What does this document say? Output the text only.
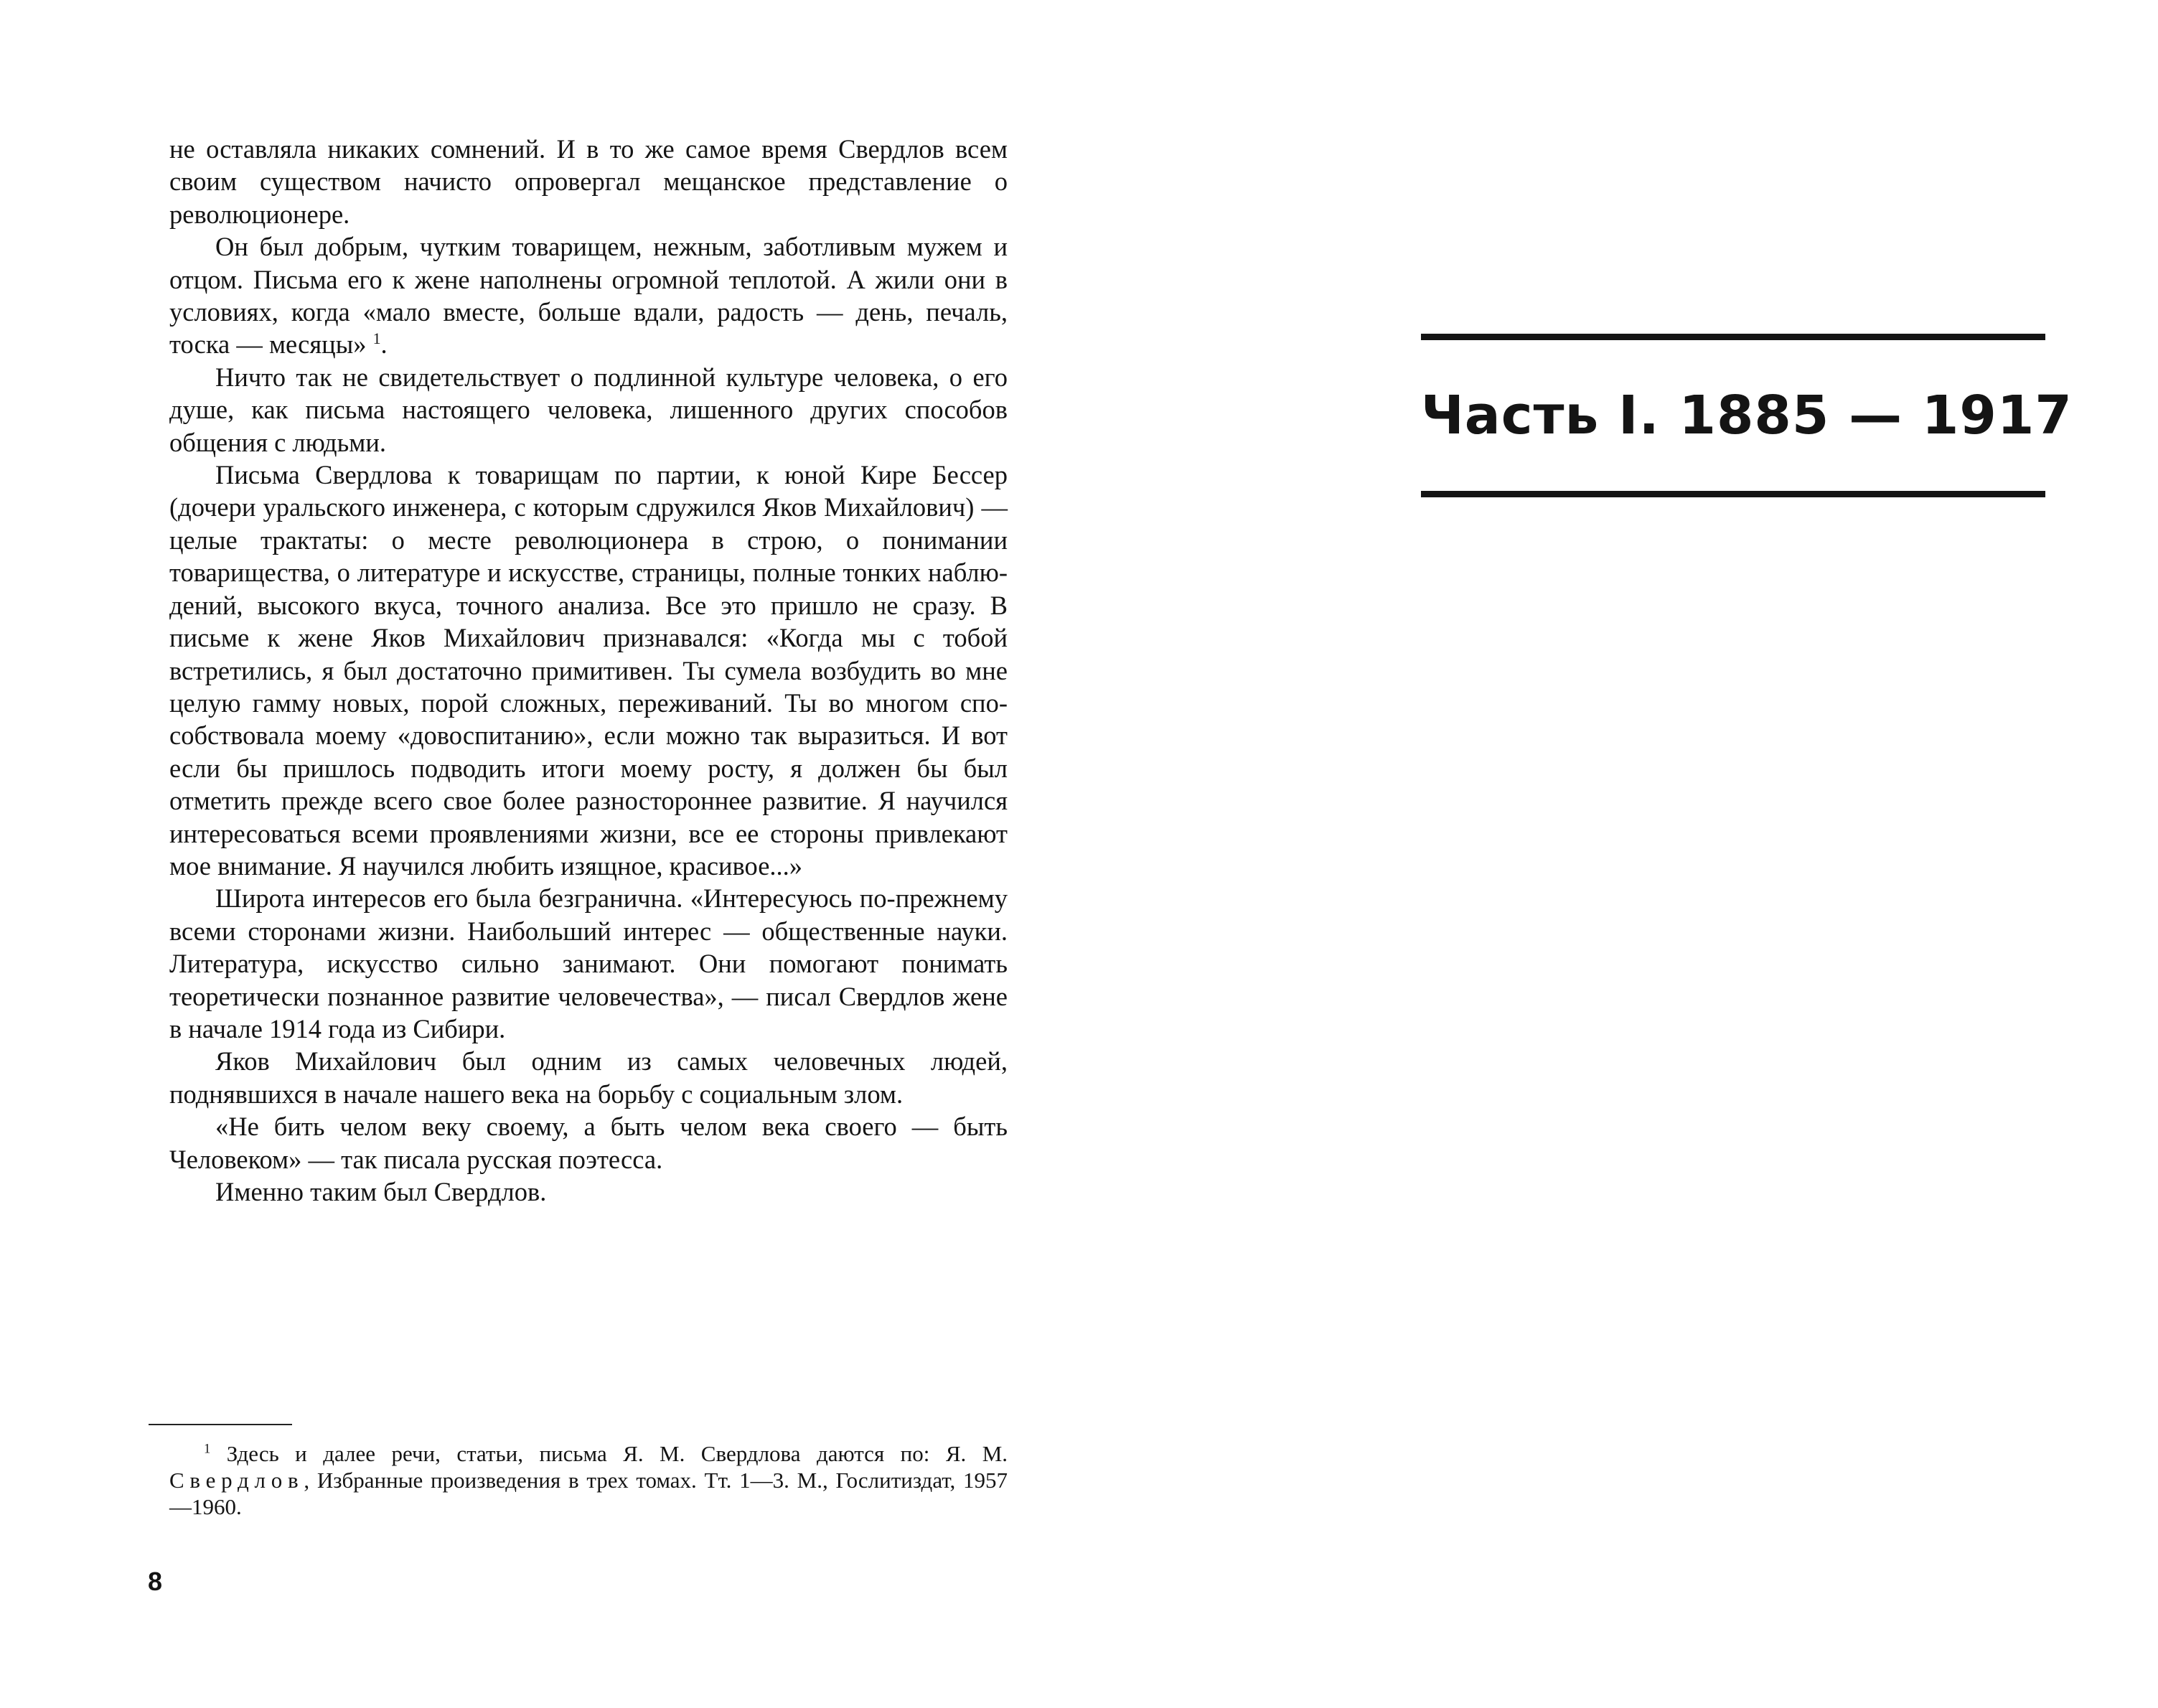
не оставляла никаких сомнений. И в то же самое время Свердлов всем своим существом начисто опровергал мещанское представление о революционере.

Он был добрым, чутким товарищем, нежным, заботливым мужем и отцом. Письма его к жене наполнены огромной теплотой. А жили они в условиях, когда «мало вместе, больше вдали, радость — день, печаль, тоска — месяцы» $^1$.

Ничто так не свидетельствует о подлинной культуре человека, о его душе, как письма настоящего человека, лишенного других способов общения с людьми.

Письма Свердлова к товарищам по партии, к юной Кире Бессер (дочери уральского инженера, с которым сдружился Яков Михайлович) — целые трактаты: о месте революционера в строю, о понимании товарищества, о литературе и искусстве, страницы, полные тонких наблюдений, высокого вкуса, точного анализа. Все это пришло не сразу. В письме к жене Яков Михайлович признавался: «Когда мы с тобой встретились, я был достаточно примитивен. Ты сумела возбудить во мне целую гамму новых, порой сложных, переживаний. Ты во многом способствовала моему «довоспитанию», если можно так выразиться. И вот если бы пришлось подводить итоги моему росту, я должен бы был отметить прежде всего свое более разностороннее развитие. Я научился интересоваться всеми проявлениями жизни, все ее стороны привлекают мое внимание. Я научился любить изящное, красивое...»

Широта интересов его была безгранична. «Интересуюсь по-прежнему всеми сторонами жизни. Наибольший интерес — общественные науки. Литература, искусство сильно занимают. Они помогают понимать теоретически познанное развитие человечества», — писал Свердлов жене в начале 1914 года из Сибири.

Яков Михайлович был одним из самых человечных людей, поднявшихся в начале нашего века на борьбу с социальным злом.

«Не бить челом веку своему, а быть челом века своего — быть Человеком» — так писала русская поэтесса.

Именно таким был Свердлов.

$^1$ Здесь и далее речи, статьи, письма Я. М. Свердлова даются по: Я. М. Свердлов, Избранные произведения в трех томах. Тт. 1—3. М., Гослитиздат, 1957—1960.
8
Часть I. 1885 — 1917
